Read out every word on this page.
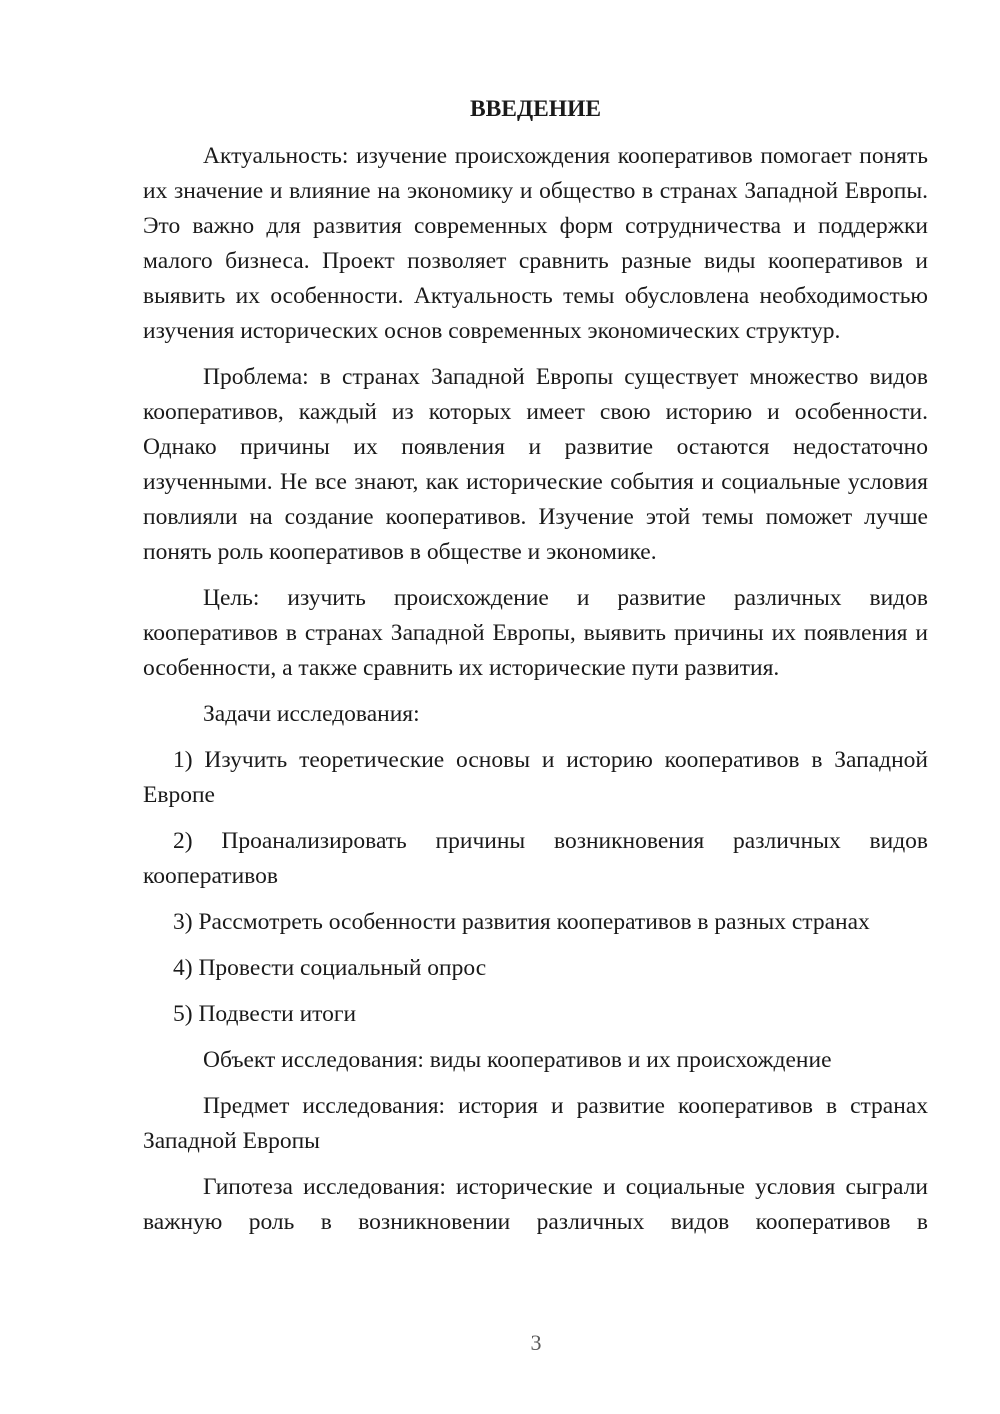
ВВЕДЕНИЕ

Актуальность: изучение происхождения кооперативов помогает понять их значение и влияние на экономику и общество в странах Западной Европы. Это важно для развития современных форм сотрудничества и поддержки малого бизнеса. Проект позволяет сравнить разные виды кооперативов и выявить их особенности. Актуальность темы обусловлена необходимостью изучения исторических основ современных экономических структур.

Проблема: в странах Западной Европы существует множество видов кооперативов, каждый из которых имеет свою историю и особенности. Однако причины их появления и развитие остаются недостаточно изученными. Не все знают, как исторические события и социальные условия повлияли на создание кооперативов. Изучение этой темы поможет лучше понять роль кооперативов в обществе и экономике.

Цель: изучить происхождение и развитие различных видов кооперативов в странах Западной Европы, выявить причины их появления и особенности, а также сравнить их исторические пути развития.

Задачи исследования:

1) Изучить теоретические основы и историю кооперативов в Западной Европе

2) Проанализировать причины возникновения различных видов кооперативов

3) Рассмотреть особенности развития кооперативов в разных странах

4) Провести социальный опрос

5) Подвести итоги

Объект исследования: виды кооперативов и их происхождение

Предмет исследования: история и развитие кооперативов в странах Западной Европы

Гипотеза исследования: исторические и социальные условия сыграли важную роль в возникновении различных видов кооперативов в

3
